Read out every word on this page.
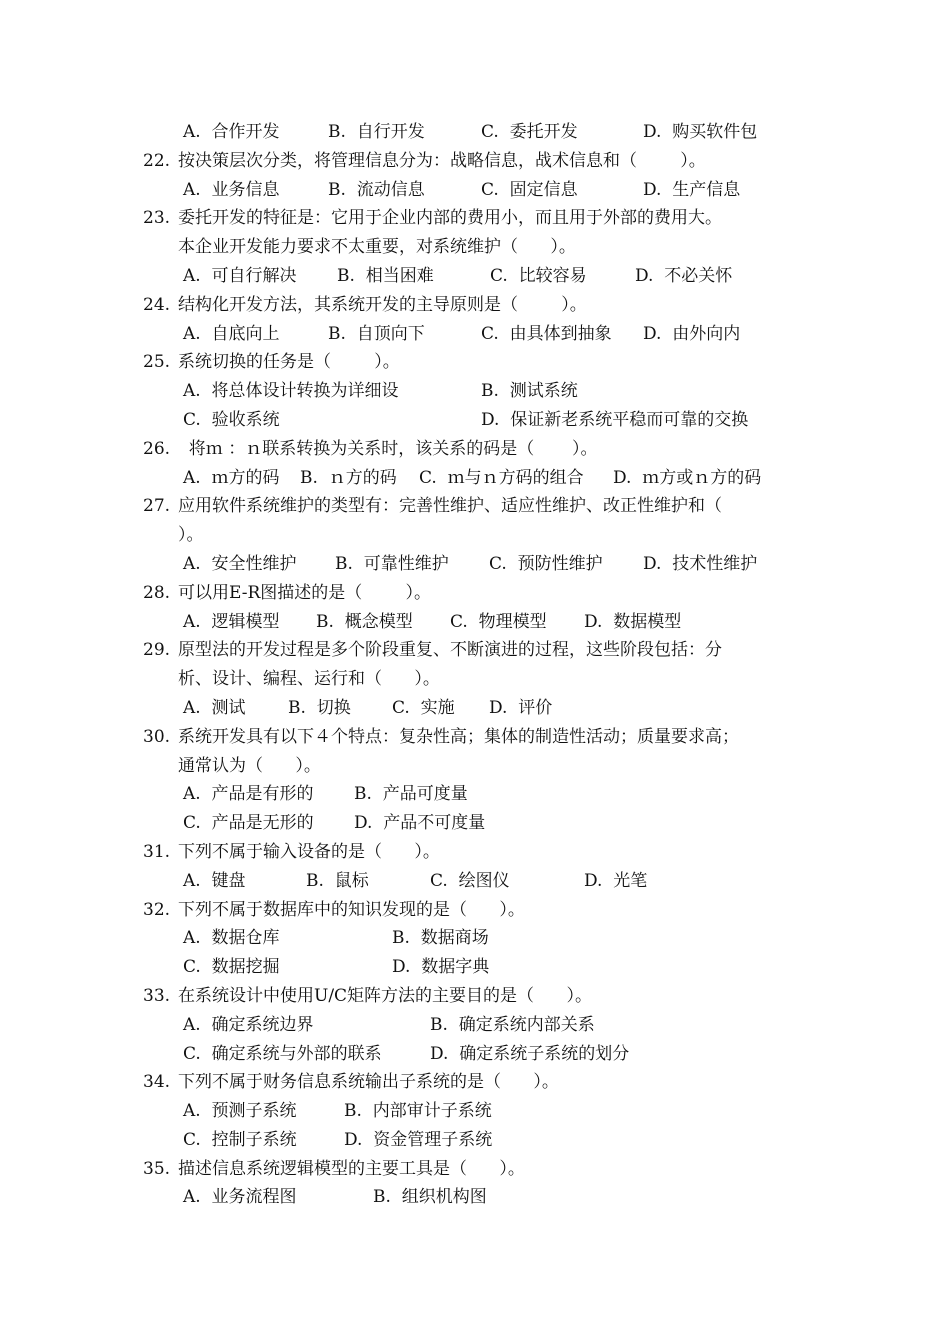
A.  合作开发	B.  自行开发	C.  委托开发	D.  购买软件包
22. 按决策层次分类，将管理信息分为：战略信息，战术信息和（        ）。
A.  业务信息	B.  流动信息	C.  固定信息	D.  生产信息
23. 委托开发的特征是：它用于企业内部的费用小，而且用于外部的费用大。
本企业开发能力要求不太重要，对系统维护（      ）。
A.  可自行解决 B.  相当困难	C.  比较容易	D.  不必关怀
24. 结构化开发方法，其系统开发的主导原则是（        ）。
A.  自底向上	B.  自顶向下	C.  由具体到抽象 D.  由外向内
25. 系统切换的任务是（        ）。
A.  将总体设计转换为详细设	B.  测试系统
C.  验收系统	D.  保证新老系统平稳而可靠的交换
26. 将ｍ ：ｎ联系转换为关系时，该关系的码是（       ）。
A.  ｍ方的码 B.  ｎ方的码 C.  ｍ与ｎ方码的组合 D.  ｍ方或ｎ方的码
27. 应用软件系统维护的类型有：完善性维护、适应性维护、改正性维护和（
）。
A.  安全性维护 B.  可靠性维护 C.  预防性维护 D.  技术性维护
28. 可以用E-R图描述的是（        ）。
A.  逻辑模型 B.  概念模型 C.  物理模型 D.  数据模型
29. 原型法的开发过程是多个阶段重复、不断演进的过程，这些阶段包括：分
析、设计、编程、运行和（      ）。
A.  测试	B.  切换 C.  实施 D.  评价
30. 系统开发具有以下４个特点：复杂性高；集体的制造性活动；质量要求高；
通常认为（      ）。
A.  产品是有形的 B.  产品可度量
C.  产品是无形的 D.  产品不可度量
31. 下列不属于输入设备的是（      ）。
A.  键盘	B.  鼠标	C.  绘图仪	D.  光笔
32. 下列不属于数据库中的知识发现的是（      ）。
A.  数据仓库	B.  数据商场
C.  数据挖掘	D.  数据字典
33. 在系统设计中使用U/C矩阵方法的主要目的是（      ）。
A.  确定系统边界	B.  确定系统内部关系
C.  确定系统与外部的联系	D.  确定系统子系统的划分
34. 下列不属于财务信息系统输出子系统的是（      ）。
A.  预测子系统	B.  内部审计子系统
C.  控制子系统	D.  资金管理子系统
35. 描述信息系统逻辑模型的主要工具是（      ）。
A.  业务流程图	B.  组织机构图
